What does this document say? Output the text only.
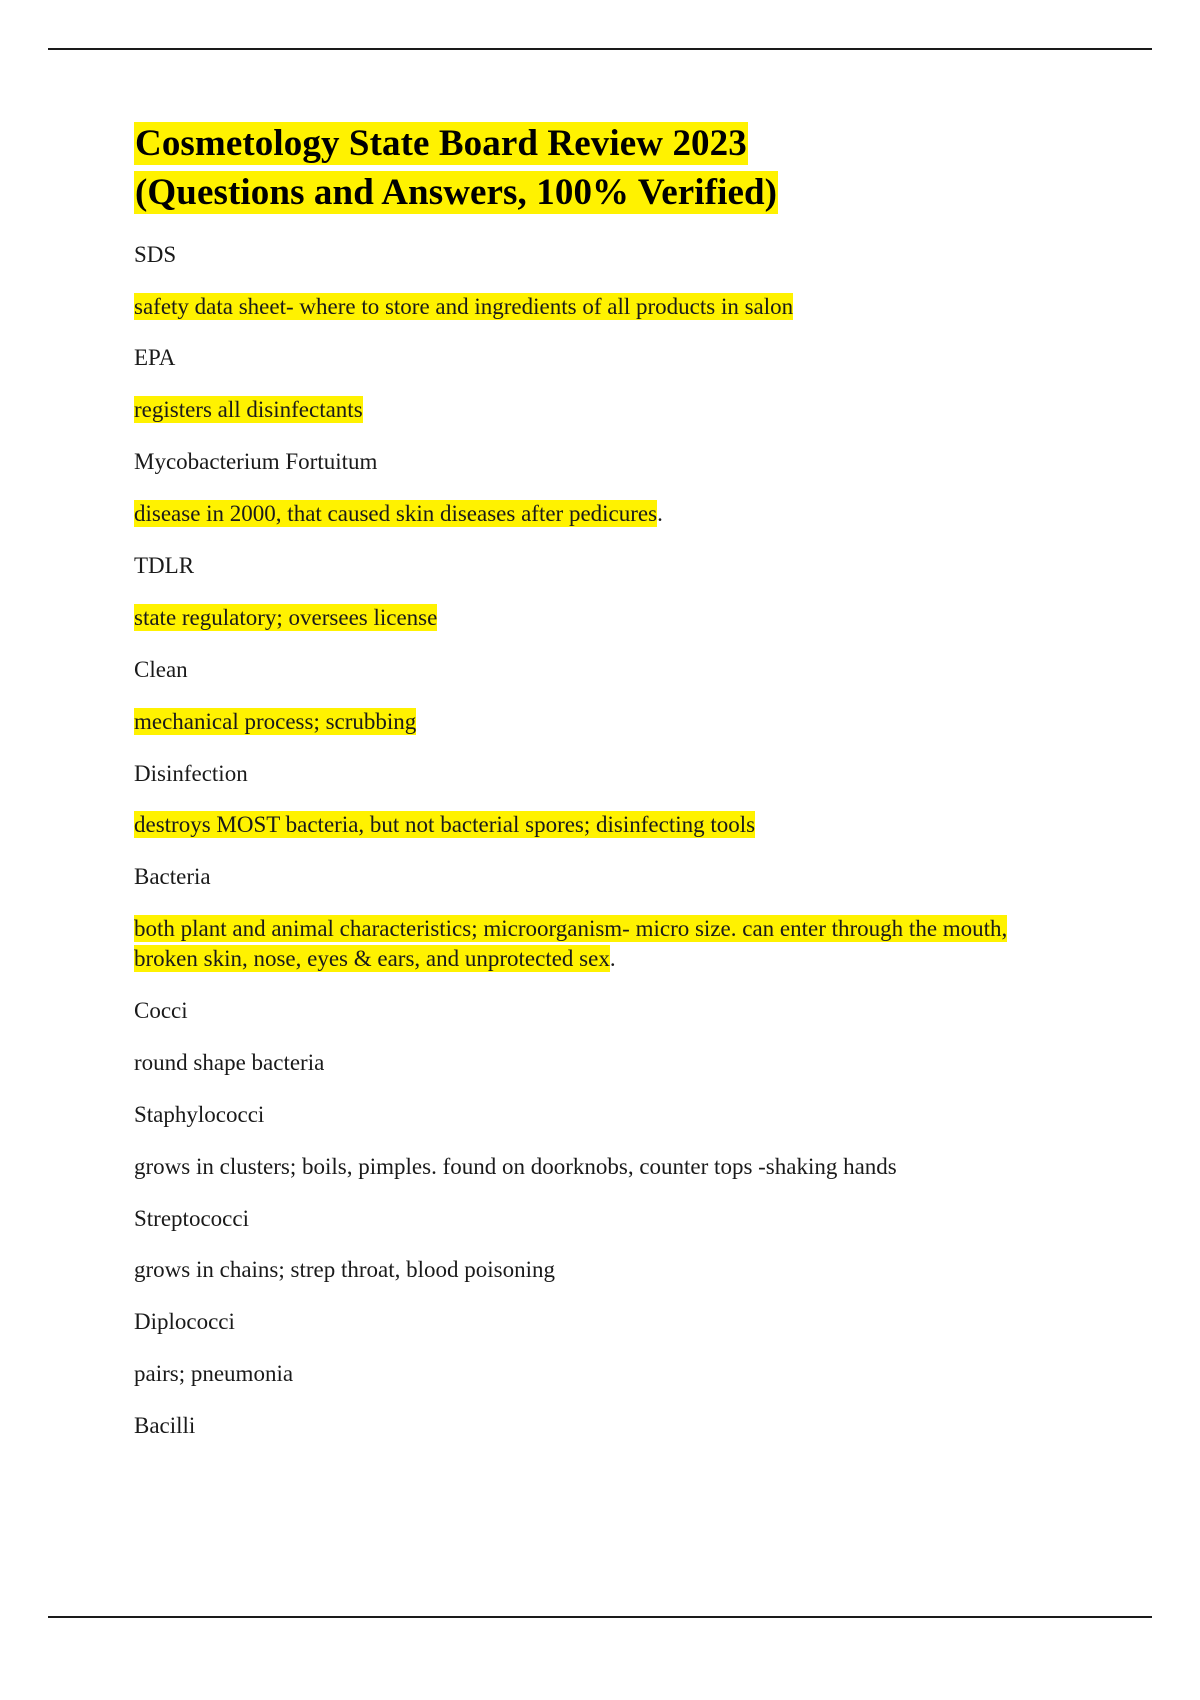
Cosmetology State Board Review 2023
(Questions and Answers, 100% Verified)

SDS

safety data sheet- where to store and ingredients of all products in salon

EPA

registers all disinfectants

Mycobacterium Fortuitum

disease in 2000, that caused skin diseases after pedicures.

TDLR

state regulatory; oversees license

Clean

mechanical process; scrubbing

Disinfection

destroys MOST bacteria, but not bacterial spores; disinfecting tools

Bacteria

both plant and animal characteristics; microorganism- micro size. can enter through the mouth, broken skin, nose, eyes & ears, and unprotected sex.

Cocci

round shape bacteria

Staphylococci

grows in clusters; boils, pimples. found on doorknobs, counter tops -shaking hands

Streptococci

grows in chains; strep throat, blood poisoning

Diplococci

pairs; pneumonia

Bacilli
